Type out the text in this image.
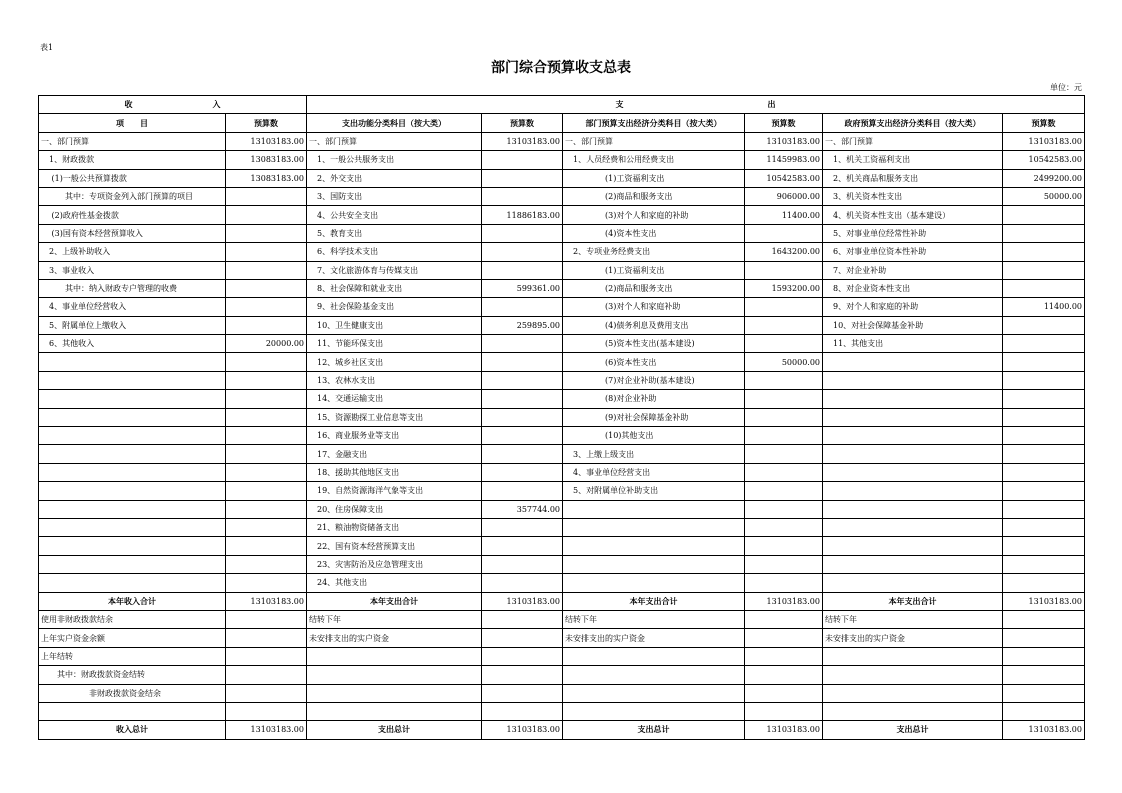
表1
部门综合预算收支总表
单位：元
收　　　　　　　　　　入		支　　　　　　　　　　　　　　　　　　出					
项　　目	预算数	支出功能分类科目（按大类）	预算数	部门预算支出经济分类科目（按大类）	预算数	政府预算支出经济分类科目（按大类）	预算数
一、部门预算	13103183.00	一、部门预算	13103183.00	一、部门预算	13103183.00	一、部门预算	13103183.00
　1、财政拨款	13083183.00	　1、一般公共服务支出		　1、人员经费和公用经费支出	11459983.00	　1、机关工资福利支出	10542583.00
　 (1)一般公共预算拨款	13083183.00	　2、外交支出		　　　　　(1)工资福利支出	10542583.00	　2、机关商品和服务支出	2499200.00
　　　其中：专项资金列入部门预算的项目		　3、国防支出		　　　　　(2)商品和服务支出	906000.00	　3、机关资本性支出	50000.00
　 (2)政府性基金拨款		　4、公共安全支出	11886183.00	　　　　　(3)对个人和家庭的补助	11400.00	　4、机关资本性支出（基本建设）	
　 (3)国有资本经营预算收入		　5、教育支出		　　　　　(4)资本性支出		　5、对事业单位经常性补助	
　2、上级补助收入		　6、科学技术支出		　2、专项业务经费支出	1643200.00	　6、对事业单位资本性补助	
　3、事业收入		　7、文化旅游体育与传媒支出		　　　　　(1)工资福利支出		　7、对企业补助	
　　　其中：纳入财政专户管理的收费		　8、社会保障和就业支出	599361.00	　　　　　(2)商品和服务支出	1593200.00	　8、对企业资本性支出	
　4、事业单位经营收入		　9、社会保险基金支出		　　　　　(3)对个人和家庭补助		　9、对个人和家庭的补助	11400.00
　5、附属单位上缴收入		　10、卫生健康支出	259895.00	　　　　　(4)债务利息及费用支出		　10、对社会保障基金补助	
　6、其他收入	20000.00	　11、节能环保支出		　　　　　(5)资本性支出(基本建设)		　11、其他支出	
		　12、城乡社区支出		　　　　　(6)资本性支出	50000.00		
		　13、农林水支出		　　　　　(7)对企业补助(基本建设)			
		　14、交通运输支出		　　　　　(8)对企业补助			
		　15、资源勘探工业信息等支出		　　　　　(9)对社会保障基金补助			
		　16、商业服务业等支出		　　　　　(10)其他支出			
		　17、金融支出		　3、上缴上级支出			
		　18、援助其他地区支出		　4、事业单位经营支出			
		　19、自然资源海洋气象等支出		　5、对附属单位补助支出			
		　20、住房保障支出	357744.00				
		　21、粮油物资储备支出					
		　22、国有资本经营预算支出					
		　23、灾害防治及应急管理支出					
		　24、其他支出					
本年收入合计	13103183.00	本年支出合计	13103183.00	本年支出合计	13103183.00	本年支出合计	13103183.00
使用非财政拨款结余		结转下年		结转下年		结转下年	
上年实户资金余额		未安排支出的实户资金		未安排支出的实户资金		未安排支出的实户资金	
上年结转							
　　其中：财政拨款资金结转							
　　　　　　非财政拨款资金结余							

收入总计	13103183.00	支出总计	13103183.00	支出总计	13103183.00	支出总计	13103183.00
